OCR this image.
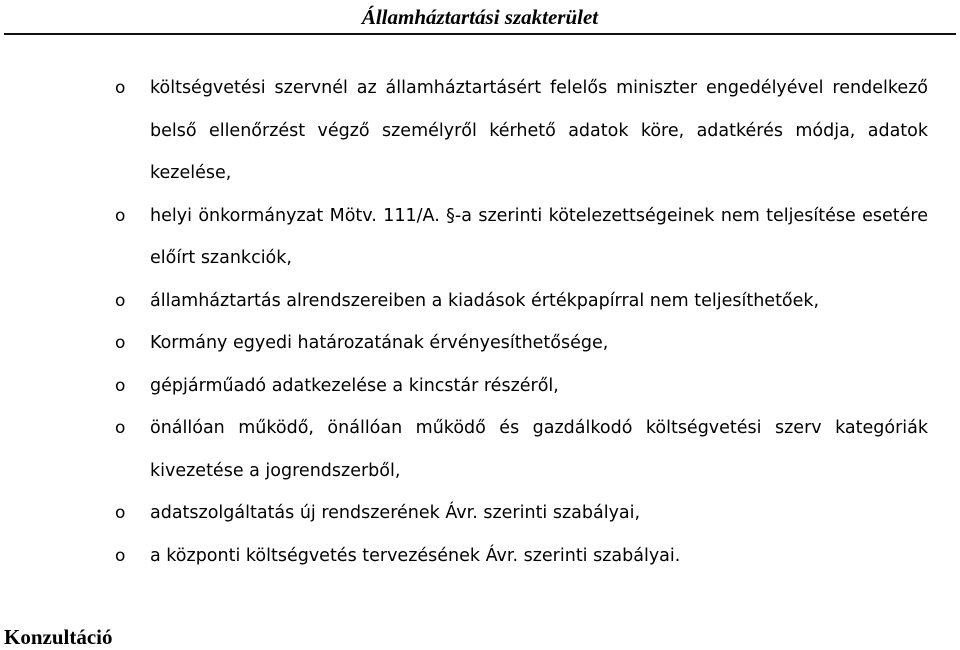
Államháztartási szakterület
o költségvetési szervnél az államháztartásért felelős miniszter engedélyével rendelkező belső ellenőrzést végző személyről kérhető adatok köre, adatkérés módja, adatok kezelése,
o helyi önkormányzat Mötv. 111/A. §-a szerinti kötelezettségeinek nem teljesítése esetére előírt szankciók,
o államháztartás alrendszereiben a kiadások értékpapírral nem teljesíthetőek,
o Kormány egyedi határozatának érvényesíthetősége,
o gépjárműadó adatkezelése a kincstár részéről,
o önállóan működő, önállóan működő és gazdálkodó költségvetési szerv kategóriák kivezetése a jogrendszerből,
o adatszolgáltatás új rendszerének Ávr. szerinti szabályai,
o a központi költségvetés tervezésének Ávr. szerinti szabályai.
Konzultáció
